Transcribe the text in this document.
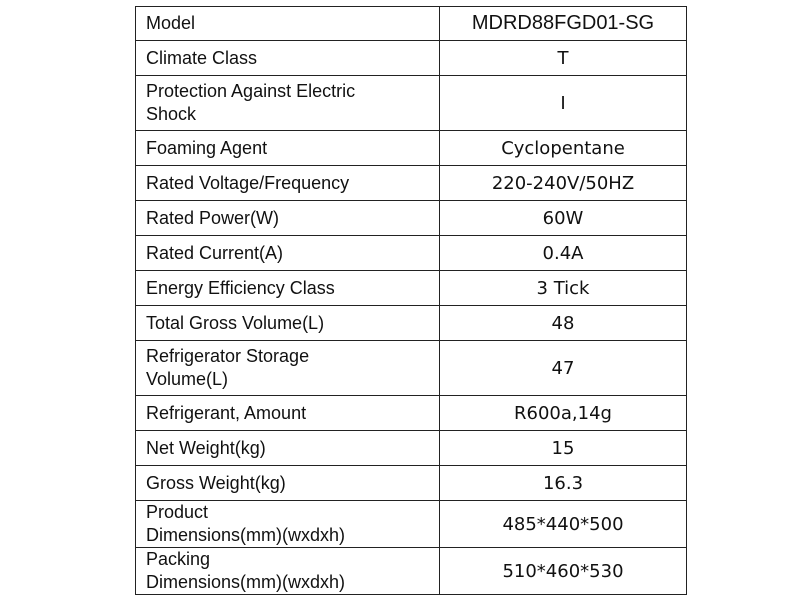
Model	MDRD88FGD01-SG
Climate Class	T
Protection Against Electric
Shock	I
Foaming Agent	Cyclopentane
Rated Voltage/Frequency	220-240V/50HZ
Rated Power(W)	60W
Rated Current(A)	0.4A
Energy Efficiency Class	3 Tick
Total Gross Volume(L)	48
Refrigerator Storage
Volume(L)	47
Refrigerant, Amount	R600a,14g
Net Weight(kg)	15
Gross Weight(kg)	16.3
Product
Dimensions(mm)(wxdxh)	485*440*500
Packing
Dimensions(mm)(wxdxh)	510*460*530
